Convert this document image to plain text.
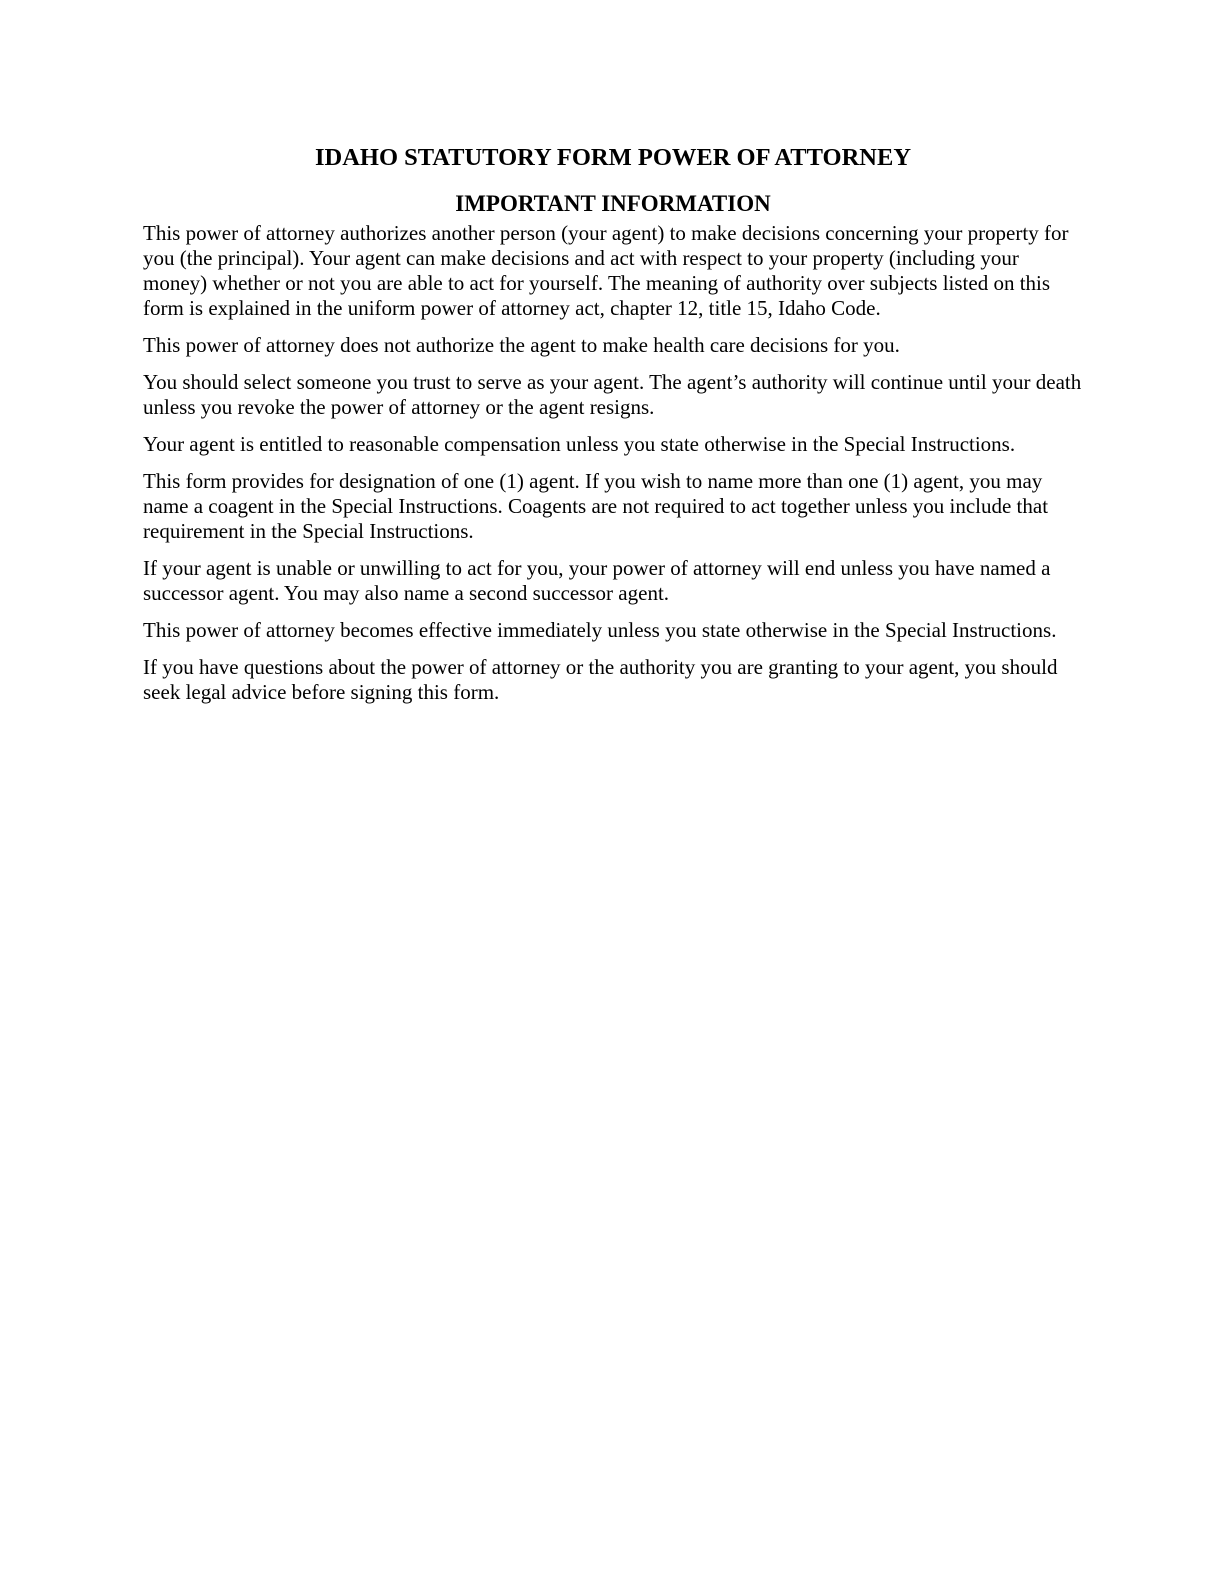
IDAHO STATUTORY FORM POWER OF ATTORNEY
IMPORTANT INFORMATION

This power of attorney authorizes another person (your agent) to make decisions concerning your property for you (the principal). Your agent can make decisions and act with respect to your property (including your money) whether or not you are able to act for yourself. The meaning of authority over subjects listed on this form is explained in the uniform power of attorney act, chapter 12, title 15, Idaho Code.

This power of attorney does not authorize the agent to make health care decisions for you.

You should select someone you trust to serve as your agent. The agent’s authority will continue until your death unless you revoke the power of attorney or the agent resigns.

Your agent is entitled to reasonable compensation unless you state otherwise in the Special Instructions.

This form provides for designation of one (1) agent. If you wish to name more than one (1) agent, you may name a coagent in the Special Instructions. Coagents are not required to act together unless you include that requirement in the Special Instructions.

If your agent is unable or unwilling to act for you, your power of attorney will end unless you have named a successor agent. You may also name a second successor agent.

This power of attorney becomes effective immediately unless you state otherwise in the Special Instructions.

If you have questions about the power of attorney or the authority you are granting to your agent, you should seek legal advice before signing this form.
